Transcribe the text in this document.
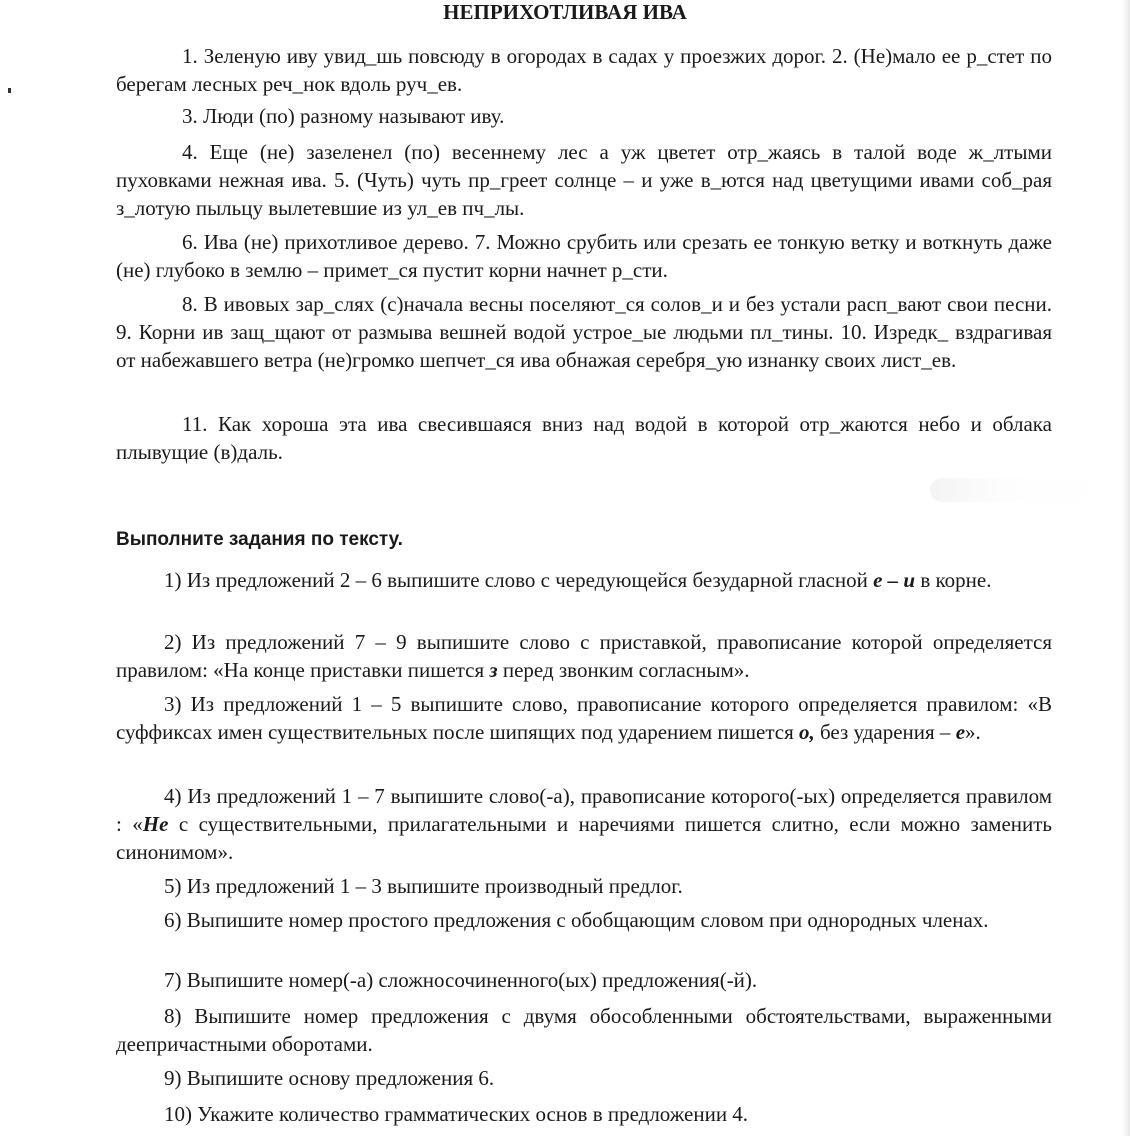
НЕПРИХОТЛИВАЯ ИВА
1. Зеленую иву увид_шь повсюду в огородах в садах у проезжих дорог. 2. (Не)мало ее р_стет по берегам лесных реч_нок вдоль руч_ев.
3. Люди (по) разному называют иву.
4. Еще (не) зазеленел (по) весеннему лес а уж цветет отр_жаясь в талой воде ж_лтыми пуховками нежная ива. 5. (Чуть) чуть пр_греет солнце – и уже в_ются над цветущими ивами соб_рая з_лотую пыльцу вылетевшие из ул_ев пч_лы.
6. Ива (не) прихотливое дерево. 7. Можно срубить или срезать ее тонкую ветку и воткнуть даже (не) глубоко в землю – примет_ся пустит корни начнет р_сти.
8. В ивовых зар_слях (с)начала весны поселяют_ся солов_и и без устали расп_вают свои песни. 9. Корни ив защ_щают от размыва вешней водой устрое_ые людьми пл_тины. 10. Изредк_ вздрагивая от набежавшего ветра (не)громко шепчет_ся ива обнажая серебря_ую изнанку своих лист_ев.
11. Как хороша эта ива свесившаяся вниз над водой в которой отр_жаются небо и облака плывущие (в)даль.
Выполните задания по тексту.
1) Из предложений 2 – 6 выпишите слово с чередующейся безударной гласной е – и в корне.
2) Из предложений 7 – 9 выпишите слово с приставкой, правописание которой определяется правилом: «На конце приставки пишется з перед звонким согласным».
3) Из предложений 1 – 5 выпишите слово, правописание которого определяется правилом: «В суффиксах имен существительных после шипящих под ударением пишется о, без ударения – е».
4) Из предложений 1 – 7 выпишите слово(-а), правописание которого(-ых) определяется правилом : «Не с существительными, прилагательными и наречиями пишется слитно, если можно заменить синонимом».
5) Из предложений 1 – 3 выпишите производный предлог.
6) Выпишите номер простого предложения с обобщающим словом при однородных членах.
7) Выпишите номер(-а) сложносочиненного(ых) предложения(-й).
8) Выпишите номер предложения с двумя обособленными обстоятельствами, выраженными деепричастными оборотами.
9) Выпишите основу предложения 6.
10) Укажите количество грамматических основ в предложении 4.
